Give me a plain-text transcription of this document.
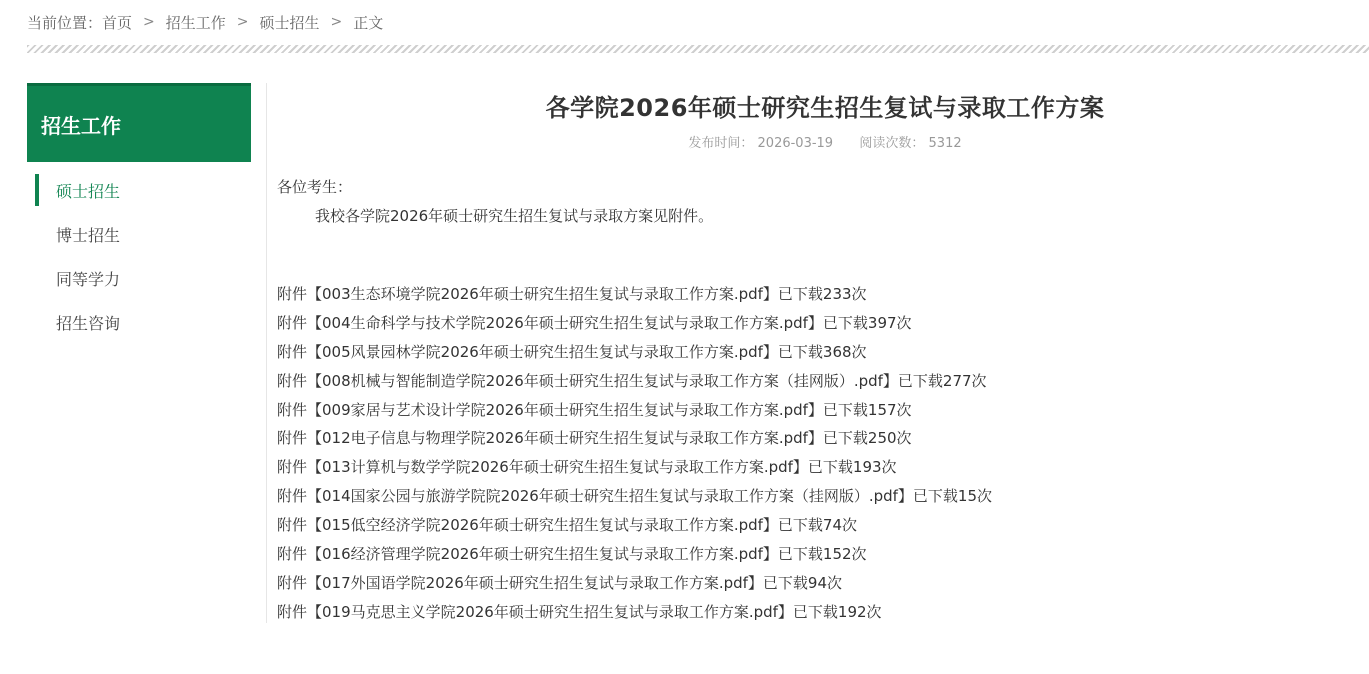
当前位置： 首页 > 招生工作 > 硕士招生 > 正文
招生工作
硕士招生
博士招生
同等学力
招生咨询
各学院2026年硕士研究生招生复试与录取工作方案
发布时间： 2026-03-19 阅读次数： 5312
各位考生：
我校各学院2026年硕士研究生招生复试与录取方案见附件。
附件【003生态环境学院2026年硕士研究生招生复试与录取工作方案.pdf】已下载233次
附件【004生命科学与技术学院2026年硕士研究生招生复试与录取工作方案.pdf】已下载397次
附件【005风景园林学院2026年硕士研究生招生复试与录取工作方案.pdf】已下载368次
附件【008机械与智能制造学院2026年硕士研究生招生复试与录取工作方案（挂网版）.pdf】已下载277次
附件【009家居与艺术设计学院2026年硕士研究生招生复试与录取工作方案.pdf】已下载157次
附件【012电子信息与物理学院2026年硕士研究生招生复试与录取工作方案.pdf】已下载250次
附件【013计算机与数学学院2026年硕士研究生招生复试与录取工作方案.pdf】已下载193次
附件【014国家公园与旅游学院院2026年硕士研究生招生复试与录取工作方案（挂网版）.pdf】已下载15次
附件【015低空经济学院2026年硕士研究生招生复试与录取工作方案.pdf】已下载74次
附件【016经济管理学院2026年硕士研究生招生复试与录取工作方案.pdf】已下载152次
附件【017外国语学院2026年硕士研究生招生复试与录取工作方案.pdf】已下载94次
附件【019马克思主义学院2026年硕士研究生招生复试与录取工作方案.pdf】已下载192次
